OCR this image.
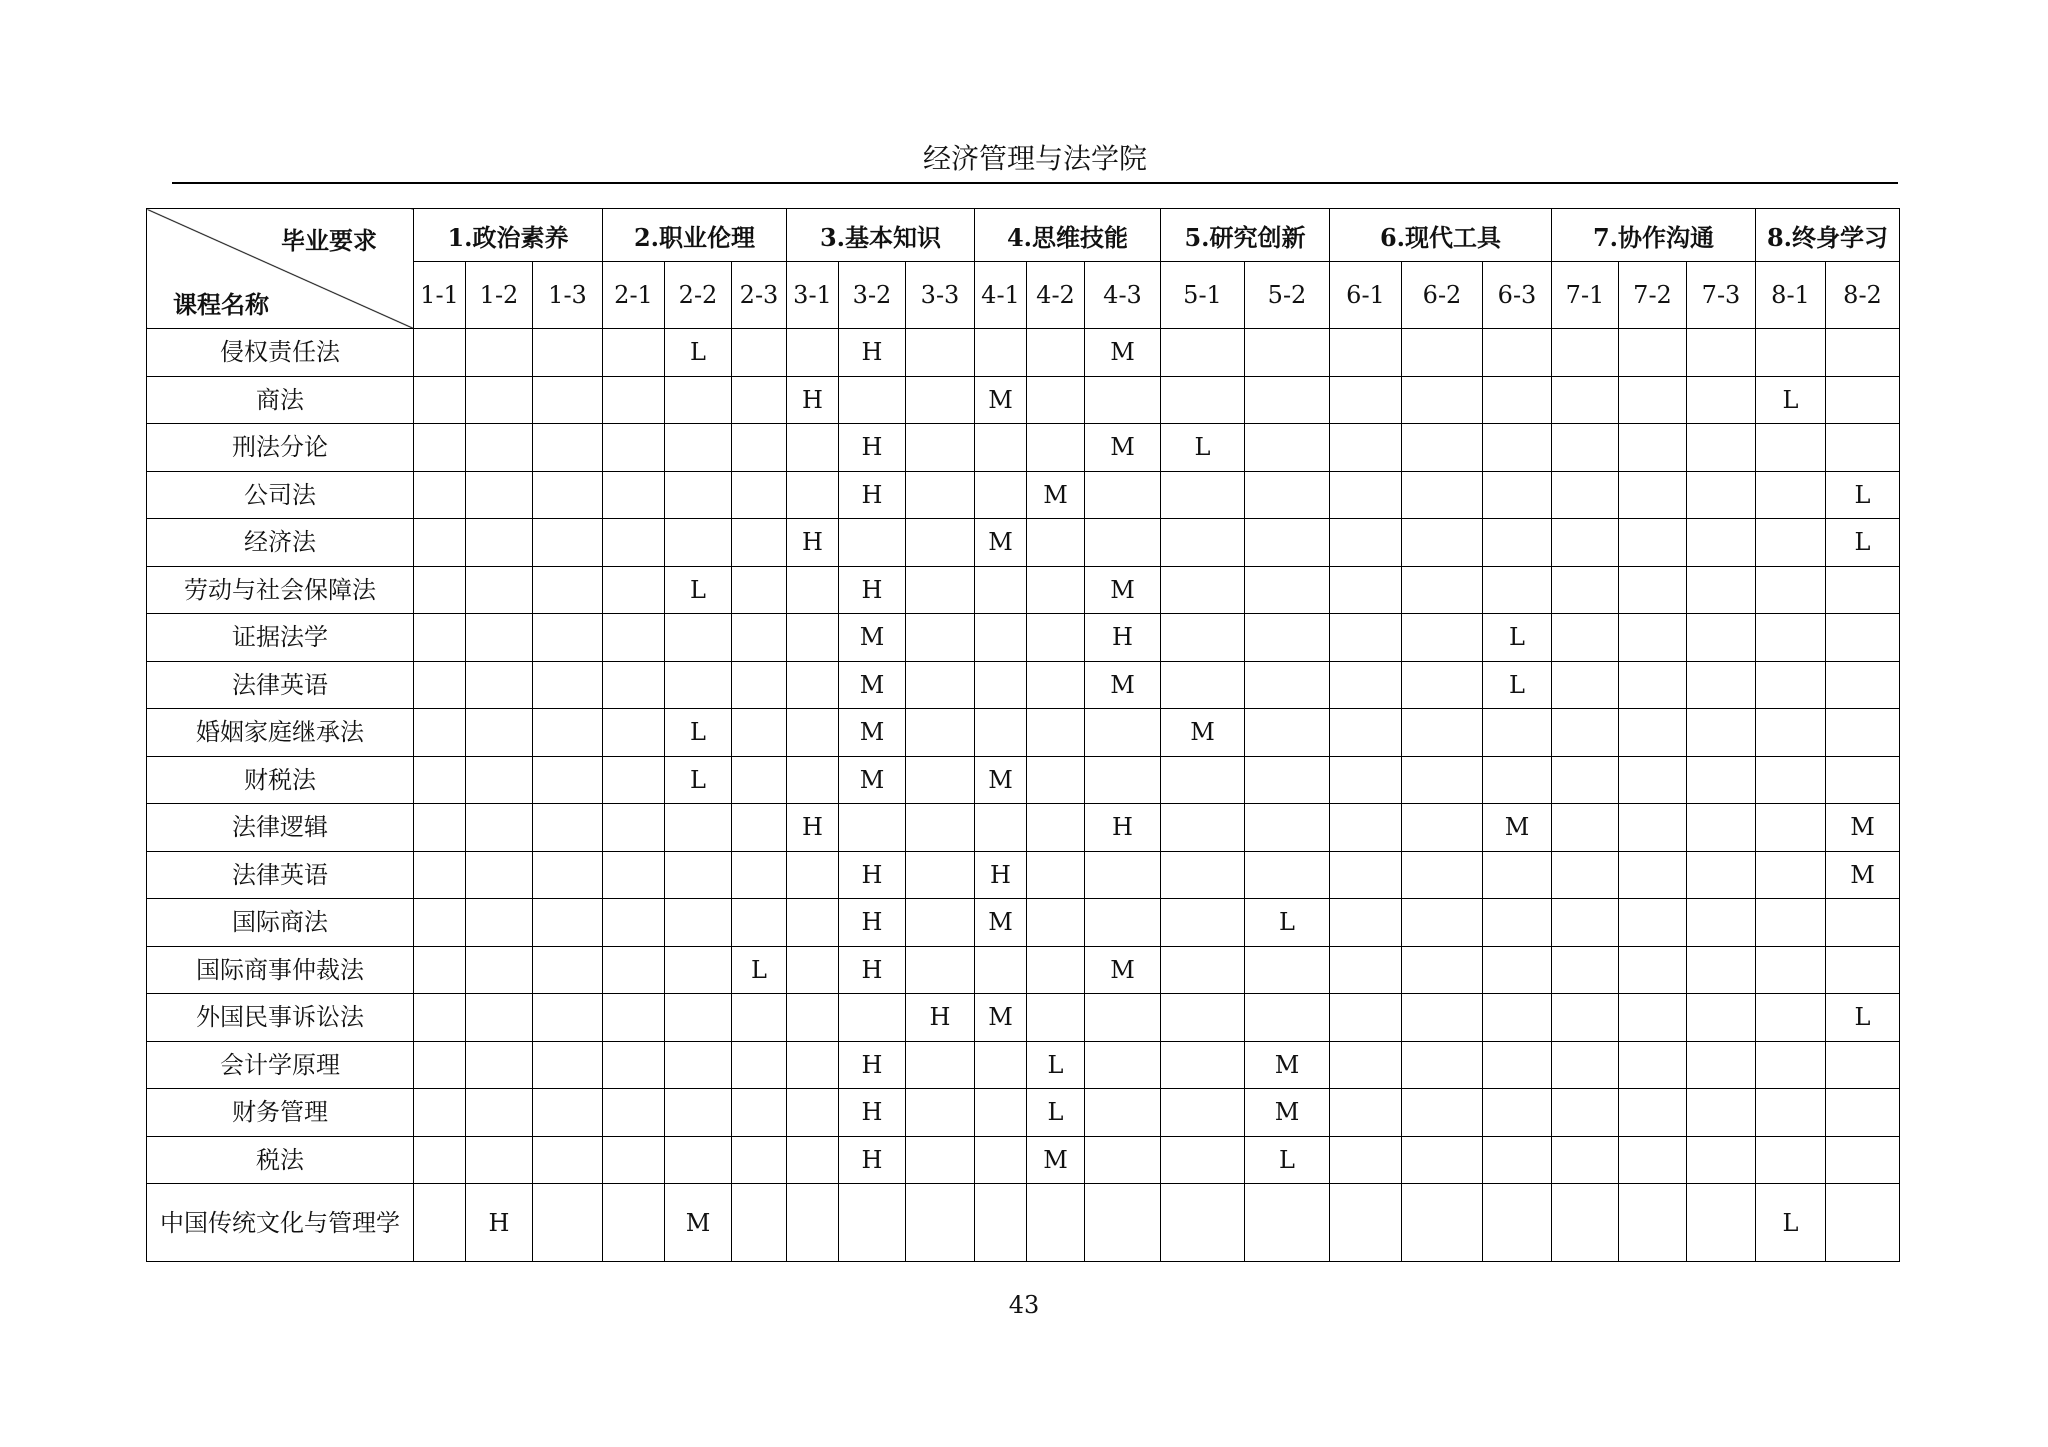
经济管理与法学院
毕业要求
课程名称	1.政治素养			2.职业伦理			3.基本知识			4.思维技能			5.研究创新		6.现代工具			7.协作沟通			8.终身学习	
	1-1	1-2	1-3	2-1	2-2	2-3	3-1	3-2	3-3	4-1	4-2	4-3	5-1	5-2	6-1	6-2	6-3	7-1	7-2	7-3	8-1	8-2
侵权责任法					L			H				M										
商法							H			M											L	
刑法分论								H				M	L									
公司法								H			M											L
经济法							H			M												L
劳动与社会保障法					L			H				M										
证据法学								M				H					L					
法律英语								M				M					L					
婚姻家庭继承法					L			M					M									
财税法					L			M		M												
法律逻辑							H					H					M					M
法律英语								H		H												M
国际商法								H		M				L								
国际商事仲裁法						L		H				M										
外国民事诉讼法									H	M												L
会计学原理								H			L			M								
财务管理								H			L			M								
税法								H			M			L								
中国传统文化与管理学		H			M																L	
43
